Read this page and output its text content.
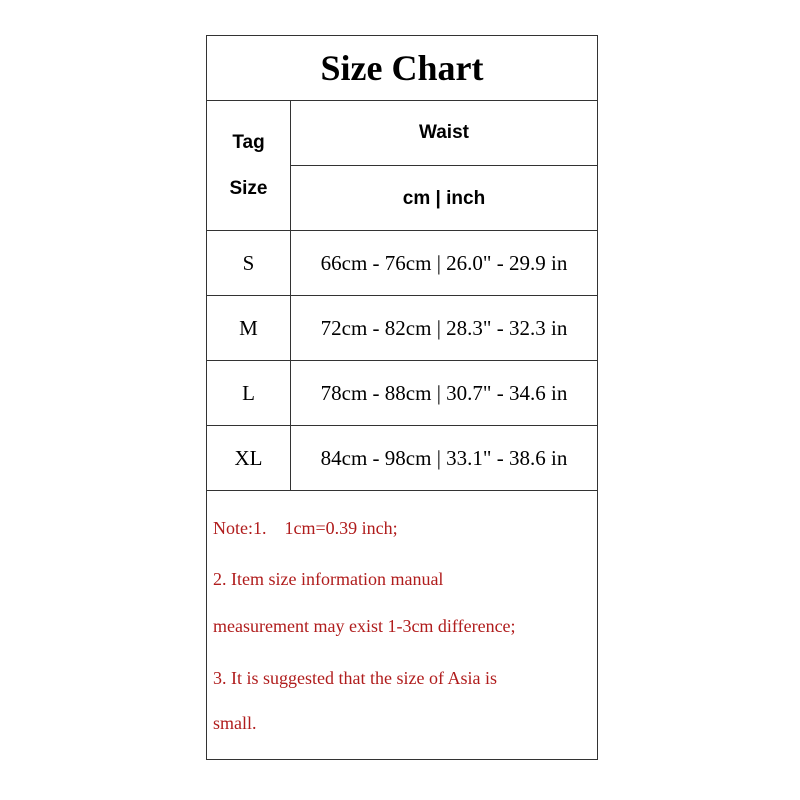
Size Chart
Tag
Size
Waist
cm | inch
S	66cm - 76cm | 26.0" - 29.9 in
M	72cm - 82cm | 28.3" - 32.3 in
L	78cm - 88cm | 30.7" - 34.6 in
XL	84cm - 98cm | 33.1" - 38.6 in
Note:1.    1cm=0.39 inch;
2. Item size information manual
measurement may exist 1-3cm difference;
3. It is suggested that the size of Asia is
small.
